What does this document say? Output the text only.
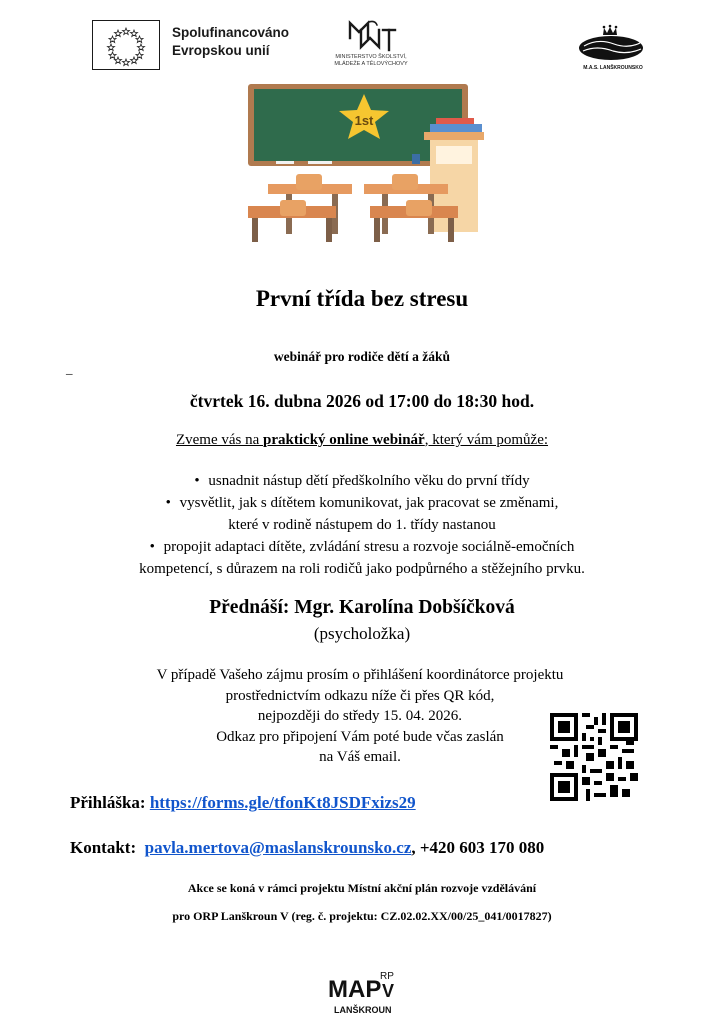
Spolufinancováno
Evropskou unií	MINISTERSTVO ŠKOLSTVÍ,
MLÁDEŽE A TĚLOVÝCHOVY
M.A.S. LANŠKROUNSKO
1st
První třída bez stresu
webinář pro rodiče dětí a žáků
_
čtvrtek 16. dubna 2026 od 17:00 do 18:30 hod.
Zveme vás na praktický online webinář, který vám pomůže:
• usnadnit nástup dětí předškolního věku do první třídy
• vysvětlit, jak s dítětem komunikovat, jak pracovat se změnami,
které v rodině nástupem do 1. třídy nastanou
• propojit adaptaci dítěte, zvládání stresu a rozvoje sociálně-emočních
kompetencí, s důrazem na roli rodičů jako podpůrného a stěžejního prvku.
Přednáší: Mgr. Karolína Dobšíčková
(psycholožka)
V případě Vašeho zájmu prosím o přihlášení koordinátorce projektu
prostřednictvím odkazu níže či přes QR kód,
nejpozději do středy 15. 04. 2026.
Odkaz pro připojení Vám poté bude včas zaslán
na Váš email.
Přihláška: https://forms.gle/tfonKt8JSDFxizs29
Kontakt: pavla.mertova@maslanskrounsko.cz, +420 603 170 080
Akce se koná v rámci projektu Místní akční plán rozvoje vzdělávání
pro ORP Lanškroun V (reg. č. projektu: CZ.02.02.XX/00/25_041/0017827)
MAP
RP
V
LANŠKROUN
